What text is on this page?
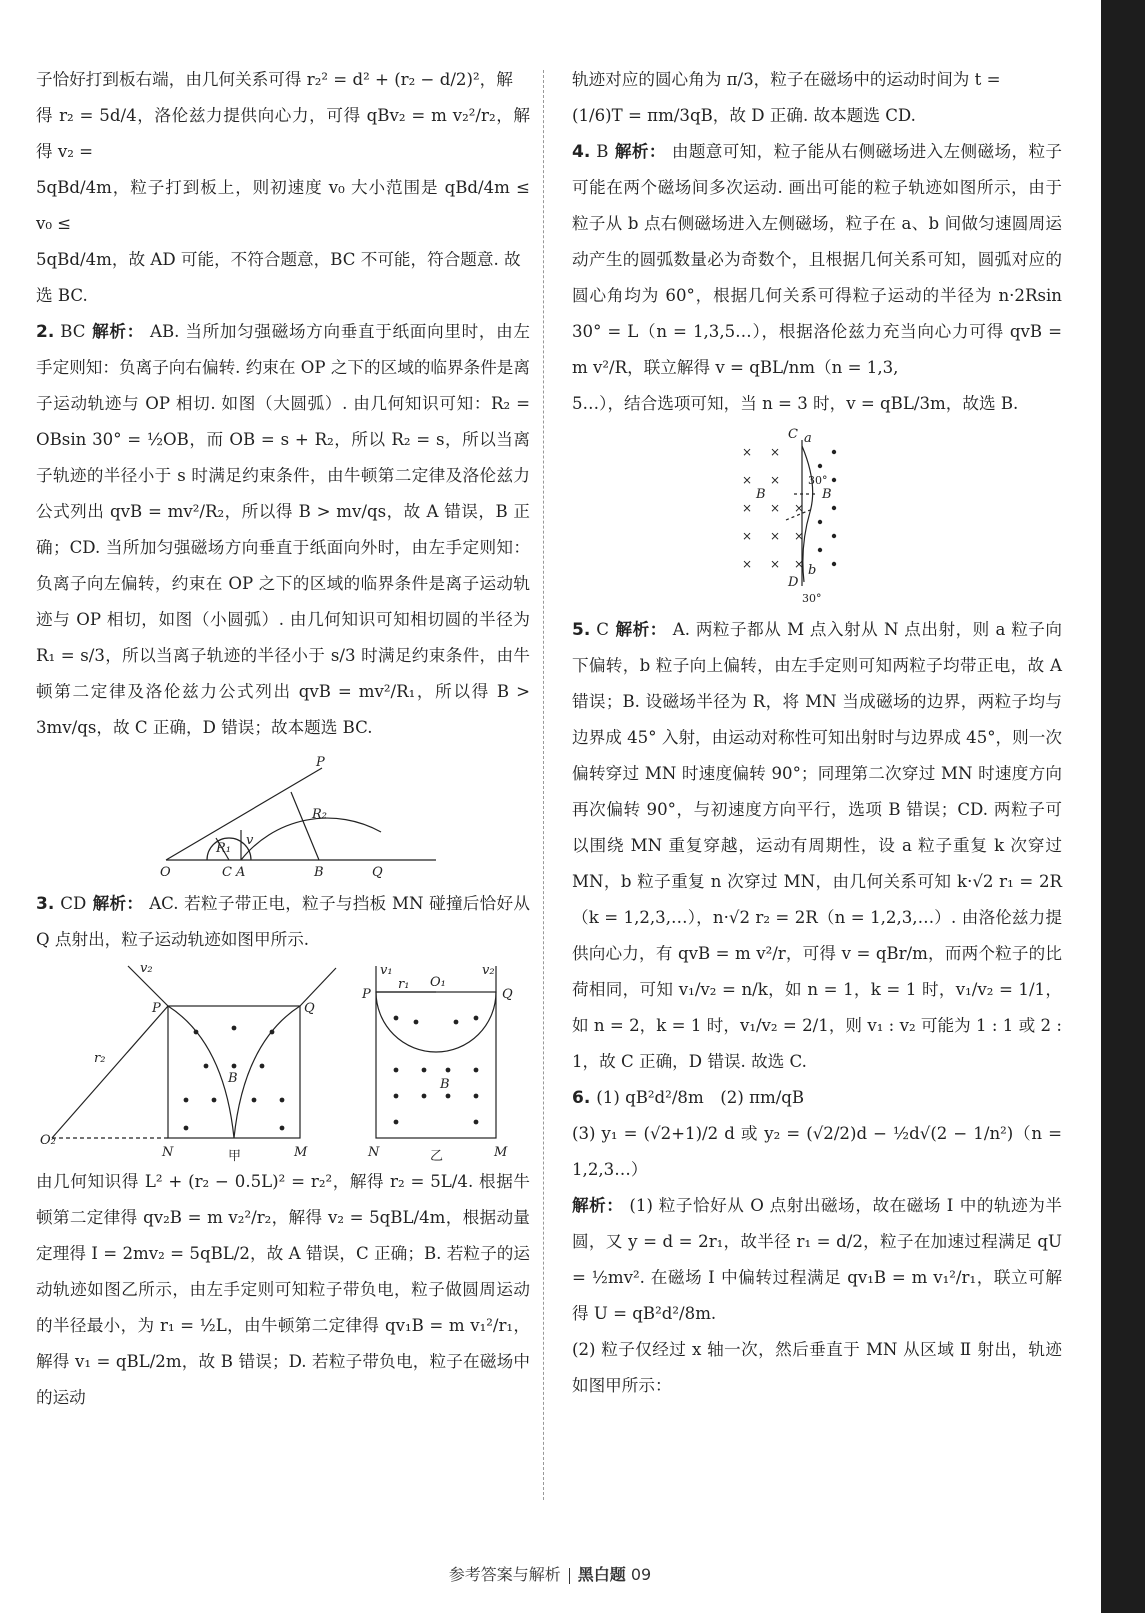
子恰好打到板右端，由几何关系可得 r₂² = d² + (r₂ − d/2)²，解

得 r₂ = 5d/4，洛伦兹力提供向心力，可得 qBv₂ = m v₂²/r₂，解得 v₂ =

5qBd/4m，粒子打到板上，则初速度 v₀ 大小范围是 qBd/4m ≤ v₀ ≤

5qBd/4m，故 AD 可能，不符合题意，BC 不可能，符合题意. 故

选 BC.

2. BC 解析： AB. 当所加匀强磁场方向垂直于纸面向里时，由左手定则知：负离子向右偏转. 约束在 OP 之下的区域的临界条件是离子运动轨迹与 OP 相切. 如图（大圆弧）. 由几何知识可知：R₂ = OBsin 30° = ½OB，而 OB = s + R₂，所以 R₂ = s，所以当离子轨迹的半径小于 s 时满足约束条件，由牛顿第二定律及洛伦兹力公式列出 qvB = mv²/R₂，所以得 B > mv/qs，故 A 错误，B 正确；CD. 当所加匀强磁场方向垂直于纸面向外时，由左手定则知：负离子向左偏转，约束在 OP 之下的区域的临界条件是离子运动轨迹与 OP 相切，如图（小圆弧）. 由几何知识可知相切圆的半径为 R₁ = s/3，所以当离子轨迹的半径小于 s/3 时满足约束条件，由牛顿第二定律及洛伦兹力公式列出 qvB = mv²/R₁，所以得 B > 3mv/qs，故 C 正确，D 错误；故本题选 BC.

P
R₂
R₁
v
O	C A	B	Q

3. CD 解析： AC. 若粒子带正电，粒子与挡板 MN 碰撞后恰好从 Q 点射出，粒子运动轨迹如图甲所示.

v₂
P	Q
r₂
B
O₂
N	M
v₁	v₂
P	Q
r₁ O₁
B
N	M
甲	乙

由几何知识得 L² + (r₂ − 0.5L)² = r₂²，解得 r₂ = 5L/4. 根据牛顿第二定律得 qv₂B = m v₂²/r₂，解得 v₂ = 5qBL/4m，根据动量定理得 I = 2mv₂ = 5qBL/2，故 A 错误，C 正确；B. 若粒子的运动轨迹如图乙所示，由左手定则可知粒子带负电，粒子做圆周运动的半径最小，为 r₁ = ½L，由牛顿第二定律得 qv₁B = m v₁²/r₁，解得 v₁ = qBL/2m，故 B 错误；D. 若粒子带负电，粒子在磁场中的运动

轨迹对应的圆心角为 π/3，粒子在磁场中的运动时间为 t =

(1/6)T = πm/3qB，故 D 正确. 故本题选 CD.

4. B 解析： 由题意可知，粒子能从右侧磁场进入左侧磁场，粒子可能在两个磁场间多次运动. 画出可能的粒子轨迹如图所示，由于粒子从 b 点右侧磁场进入左侧磁场，粒子在 a、b 间做匀速圆周运动产生的圆弧数量必为奇数个，且根据几何关系可知，圆弧对应的圆心角均为 60°，根据几何关系可得粒子运动的半径为 n·2Rsin 30° = L（n = 1,3,5…），根据洛伦兹力充当向心力可得 qvB = m v²/R，联立解得 v = qBL/nm（n = 1,3,

5…），结合选项可知，当 n = 3 时，v = qBL/3m，故选 B.

× ×
× ×
× × ×
× × ×
× × ×
C a
B	B
b
D
30°
30°

5. C 解析： A. 两粒子都从 M 点入射从 N 点出射，则 a 粒子向下偏转，b 粒子向上偏转，由左手定则可知两粒子均带正电，故 A 错误；B. 设磁场半径为 R，将 MN 当成磁场的边界，两粒子均与边界成 45° 入射，由运动对称性可知出射时与边界成 45°，则一次偏转穿过 MN 时速度偏转 90°；同理第二次穿过 MN 时速度方向再次偏转 90°，与初速度方向平行，选项 B 错误；CD. 两粒子可以围绕 MN 重复穿越，运动有周期性，设 a 粒子重复 k 次穿过 MN，b 粒子重复 n 次穿过 MN，由几何关系可知 k·√2 r₁ = 2R（k = 1,2,3,…），n·√2 r₂ = 2R（n = 1,2,3,…）. 由洛伦兹力提供向心力，有 qvB = m v²/r，可得 v = qBr/m，而两个粒子的比荷相同，可知 v₁/v₂ = n/k，如 n = 1，k = 1 时，v₁/v₂ = 1/1，如 n = 2，k = 1 时，v₁/v₂ = 2/1，则 v₁ : v₂ 可能为 1 : 1 或 2 : 1，故 C 正确，D 错误. 故选 C.

6. (1) qB²d²/8m　(2) πm/qB

(3) y₁ = (√2+1)/2 d 或 y₂ = (√2/2)d − ½d√(2 − 1/n²)（n = 1,2,3…）

解析： (1) 粒子恰好从 O 点射出磁场，故在磁场 Ⅰ 中的轨迹为半圆，又 y = d = 2r₁，故半径 r₁ = d/2，粒子在加速过程满足 qU = ½mv². 在磁场 Ⅰ 中偏转过程满足 qv₁B = m v₁²/r₁，联立可解得 U = qB²d²/8m.

(2) 粒子仅经过 x 轴一次，然后垂直于 MN 从区域 Ⅱ 射出，轨迹如图甲所示：

参考答案与解析 黑白题 09
